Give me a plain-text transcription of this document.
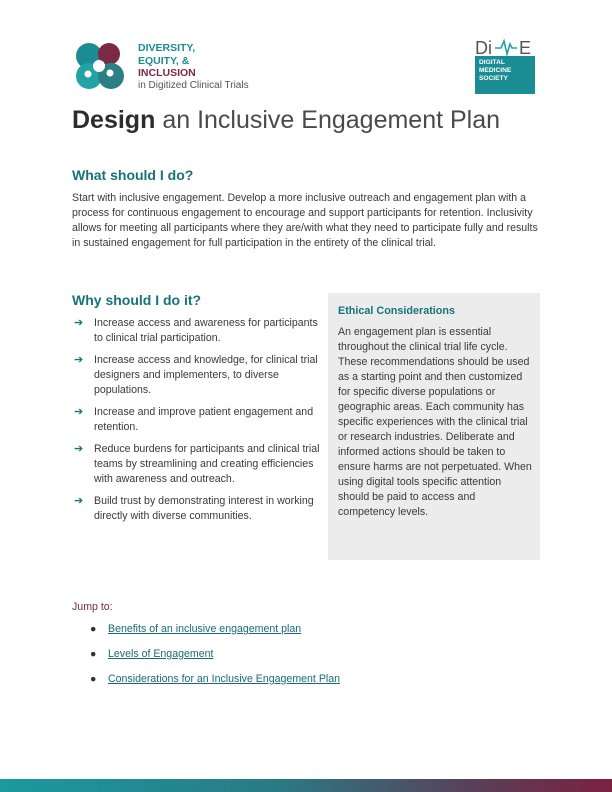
DIVERSITY,
EQUITY, &
INCLUSION
in Digitized Clinical Trials
D i E
DIGITAL
MEDICINE
SOCIETY
Design an Inclusive Engagement Plan
What should I do?
Start with inclusive engagement. Develop a more inclusive outreach and engagement plan with a process for continuous engagement to encourage and support participants for retention. Inclusivity allows for meeting all participants where they are/with what they need to participate fully and results in sustained engagement for full participation in the entirety of the clinical trial.
Why should I do it?
➔ Increase access and awareness for participants to clinical trial participation.
➔ Increase access and knowledge, for clinical trial designers and implementers, to diverse populations.
➔ Increase and improve patient engagement and retention.
➔ Reduce burdens for participants and clinical trial teams by streamlining and creating efficiencies with awareness and outreach.
➔ Build trust by demonstrating interest in working directly with diverse communities.
Ethical Considerations
An engagement plan is essential throughout the clinical trial life cycle. These recommendations should be used as a starting point and then customized for specific diverse populations or geographic areas. Each community has specific experiences with the clinical trial or research industries. Deliberate and informed actions should be taken to ensure harms are not perpetuated. When using digital tools specific attention should be paid to access and competency levels.
Jump to:
● Benefits of an inclusive engagement plan
● Levels of Engagement
● Considerations for an Inclusive Engagement Plan
